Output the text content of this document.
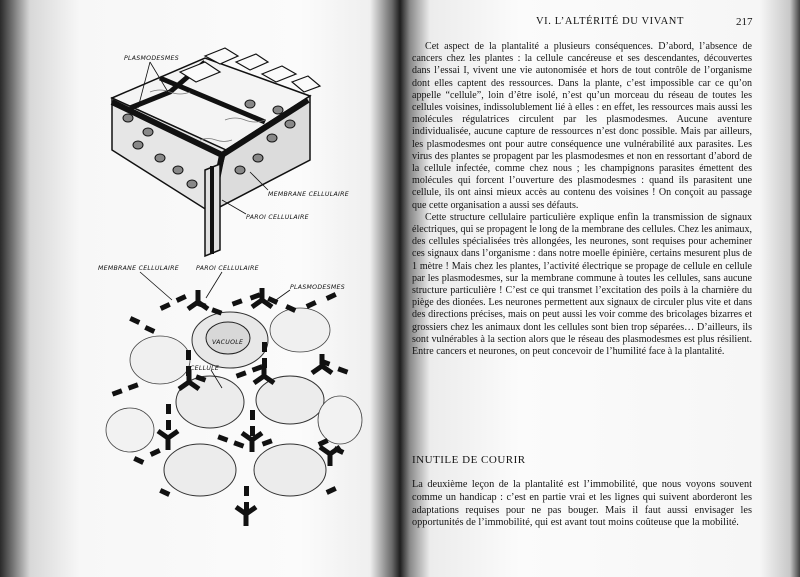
PLASMODESMES
MEMBRANE CELLULAIRE
PAROI CELLULAIRE
MEMBRANE CELLULAIRE	PAROI CELLULAIRE
PLASMODESMES
VACUOLE
CELLULE
VI. L’ALTÉRITÉ DU VIVANT	217

Cet aspect de la plantalité a plusieurs conséquences. D’abord, l’absence de cancers chez les plantes : la cellule cancéreuse et ses descendantes, découvertes dans l’essai I, vivent une vie autonomisée et hors de tout contrôle de l’organisme dont elles captent des ressources. Dans la plante, c’est impossible car ce qu’on appelle “cellule”, loin d’être isolé, n’est qu’un morceau du réseau de toutes les cellules voisines, indissolublement lié à elles : en effet, les ressources mais aussi les molécules régulatrices circulent par les plasmodesmes. Aucune aventure individualisée, aucune capture de ressources n’est donc possible. Mais par ailleurs, les plasmodesmes ont pour autre conséquence une vulnérabilité aux parasites. Les virus des plantes se propagent par les plasmodesmes et non en ressortant d’abord de la cellule infectée, comme chez nous ; les champignons parasites émettent des molécules qui forcent l’ouverture des plasmodesmes : quand ils parasitent une cellule, ils ont ainsi mieux accès au contenu des voisines ! On conçoit au passage que cette organisation a aussi ses défauts.

Cette structure cellulaire particulière explique enfin la transmission de signaux électriques, qui se propagent le long de la membrane des cellules. Chez les animaux, des cellules spécialisées très allongées, les neurones, sont requises pour acheminer ces signaux dans l’organisme : dans notre moelle épinière, certains mesurent plus de 1 mètre ! Mais chez les plantes, l’activité électrique se propage de cellule en cellule par les plasmodesmes, sur la membrane commune à toutes les cellules, sans aucune structure particulière ! C’est ce qui transmet l’excitation des poils à la charnière du piège des dionées. Les neurones permettent aux signaux de circuler plus vite et dans des directions précises, mais on peut aussi les voir comme des bricolages bizarres et grossiers chez les animaux dont les cellules sont bien trop séparées… D’ailleurs, ils sont vulnérables à la section alors que le réseau des plasmodesmes est plus résilient. Entre cancers et neurones, on peut concevoir de l’humilité face à la plantalité.

INUTILE DE COURIR

La deuxième leçon de la plantalité est l’immobilité, que nous voyons souvent comme un handicap : c’est en partie vrai et les lignes qui suivent aborderont les adaptations requises pour ne pas bouger. Mais il faut aussi envisager les opportunités de l’immobilité, qui est avant tout moins coûteuse que la mobilité.
